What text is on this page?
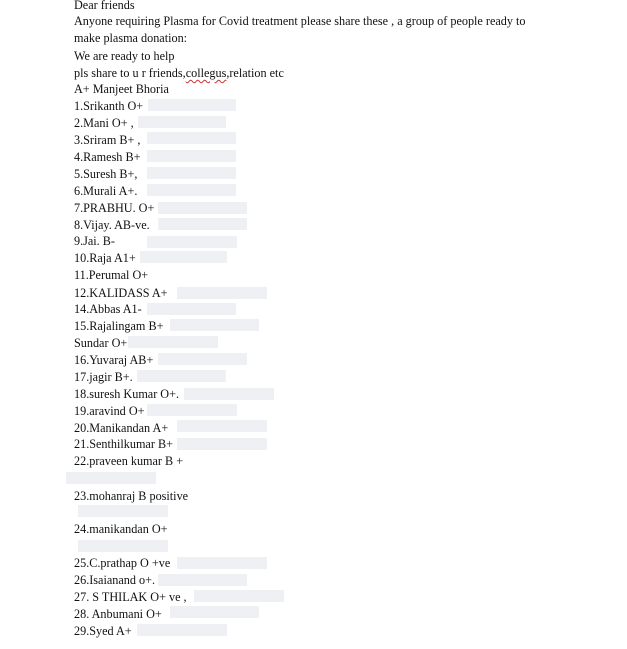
Dear friends
Anyone requiring Plasma for Covid treatment please share these , a group of people ready to
make plasma donation:
We are ready to help
pls share to u r friends,collegus,relation etc
A+ Manjeet Bhoria
1.Srikanth O+
2.Mani O+ ,
3.Sriram B+ ,
4.Ramesh B+
5.Suresh B+,
6.Murali A+.
7.PRABHU. O+
8.Vijay. AB-ve.
9.Jai. B-
10.Raja A1+
11.Perumal O+
12.KALIDASS A+
14.Abbas A1-
15.Rajalingam B+
Sundar O+
16.Yuvaraj AB+
17.jagir B+.
18.suresh Kumar O+.
19.aravind O+
20.Manikandan A+
21.Senthilkumar B+
22.praveen kumar B +
23.mohanraj B positive
24.manikandan O+
25.C.prathap O +ve
26.Isaianand o+.
27. S THILAK O+ ve ,
28. Anbumani O+
29.Syed A+
